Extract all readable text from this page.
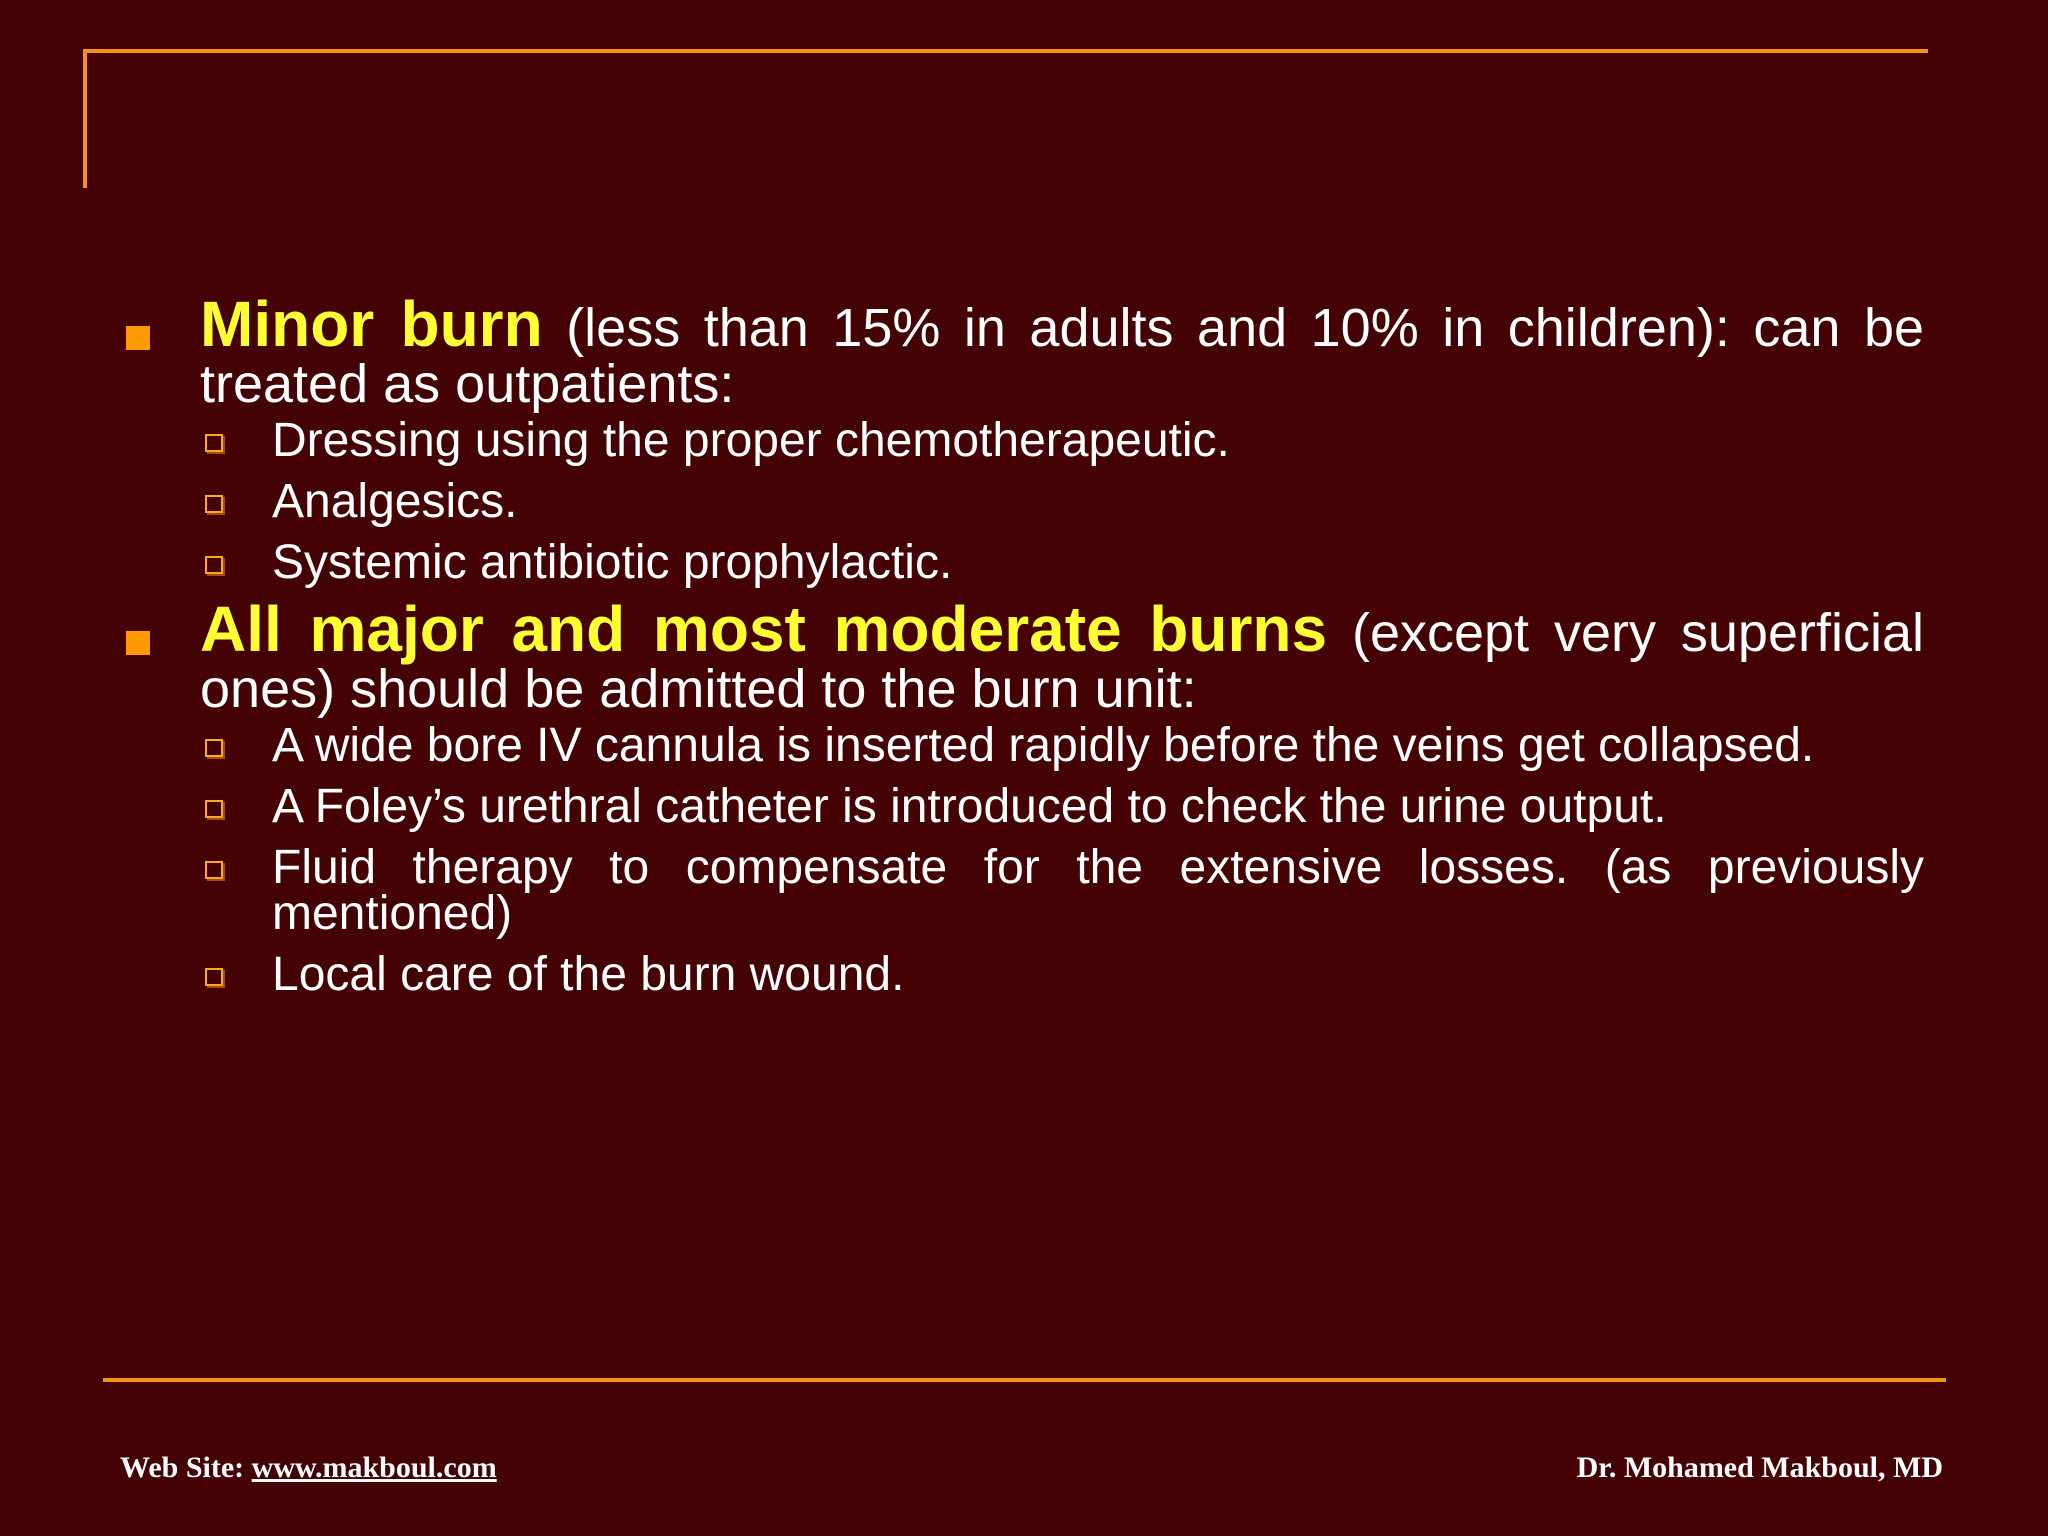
Minor burn (less than 15% in adults and 10% in children): can be treated as outpatients:
Dressing using the proper chemotherapeutic.
Analgesics.
Systemic antibiotic prophylactic.
All major and most moderate burns (except very superficial ones) should be admitted to the burn unit:
A wide bore IV cannula is inserted rapidly before the veins get collapsed.
A Foley’s urethral catheter is introduced to check the urine output.
Fluid therapy to compensate for the extensive losses. (as previously mentioned)
Local care of the burn wound.
Web Site: www.makboul.com	Dr. Mohamed Makboul, MD
